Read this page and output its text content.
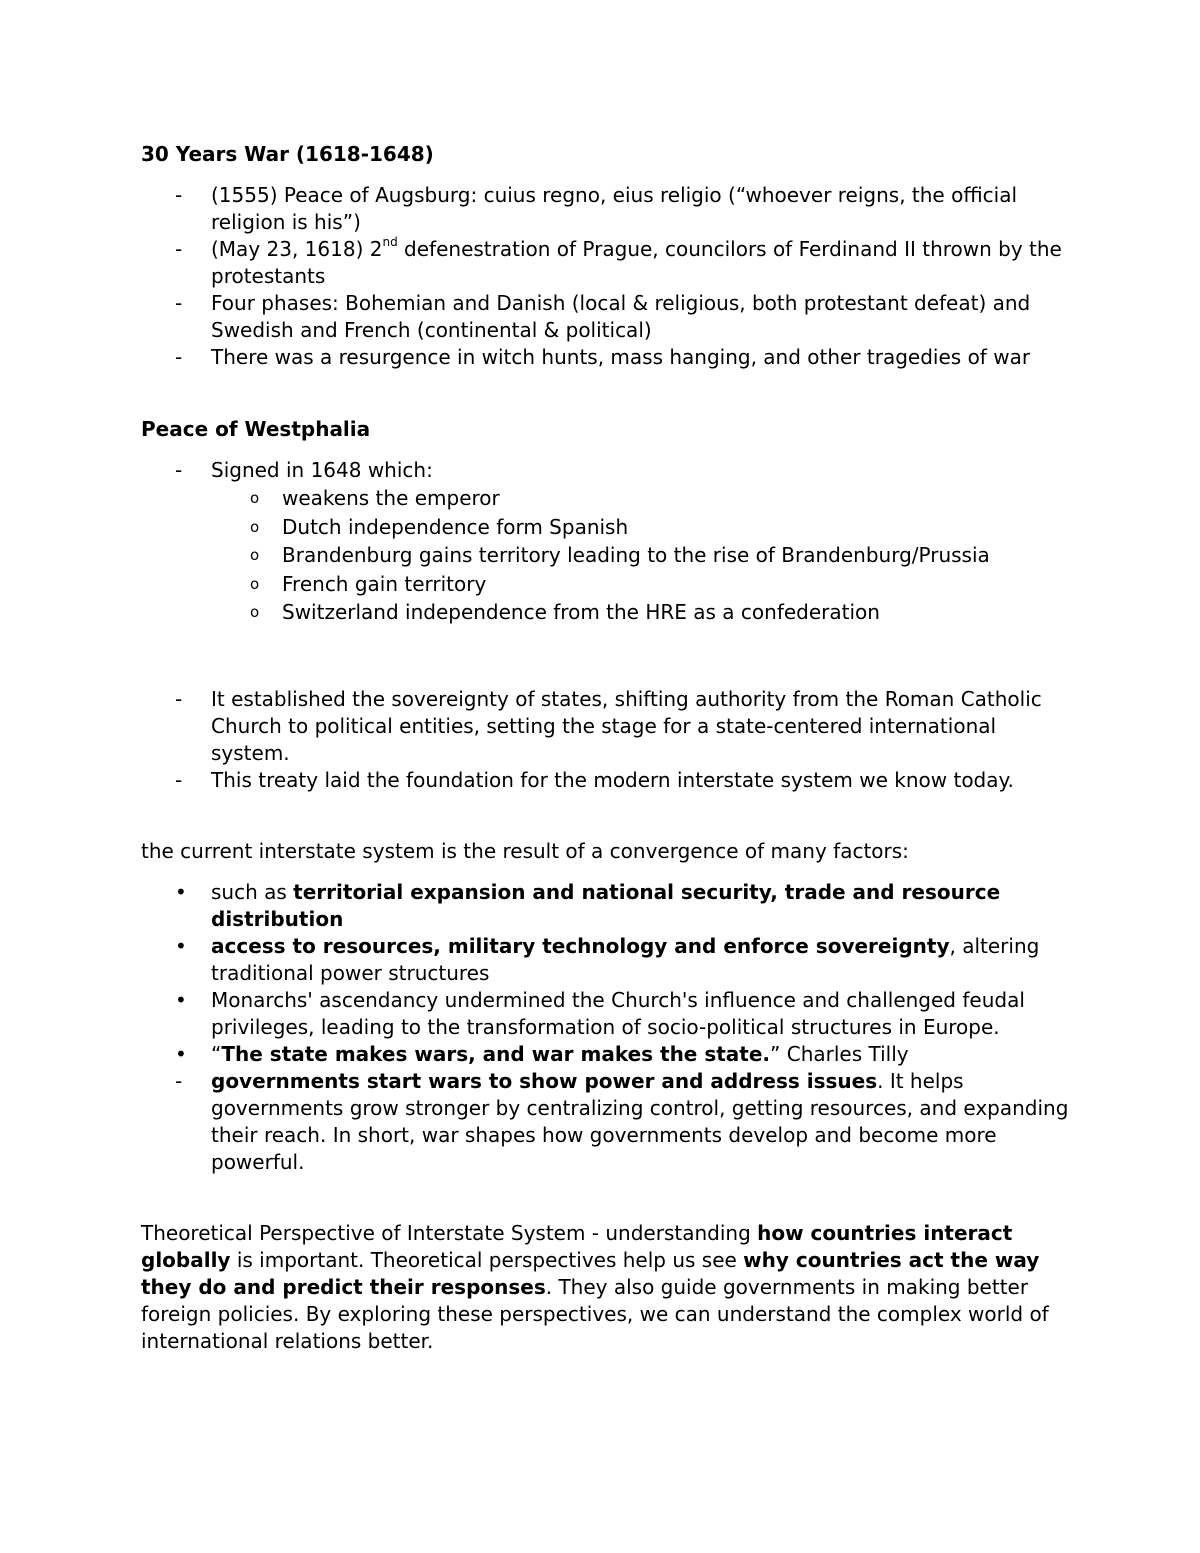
30 Years War (1618-1648)
- (1555) Peace of Augsburg: cuius regno, eius religio (“whoever reigns, the official religion is his”)
- (May 23, 1618) 2nd defenestration of Prague, councilors of Ferdinand II thrown by the protestants
- Four phases: Bohemian and Danish (local & religious, both protestant defeat) and Swedish and French (continental & political)
- There was a resurgence in witch hunts, mass hanging, and other tragedies of war
Peace of Westphalia
- Signed in 1648 which:
o weakens the emperor
o Dutch independence form Spanish
o Brandenburg gains territory leading to the rise of Brandenburg/Prussia
o French gain territory
o Switzerland independence from the HRE as a confederation
- It established the sovereignty of states, shifting authority from the Roman Catholic Church to political entities, setting the stage for a state-centered international system.
- This treaty laid the foundation for the modern interstate system we know today.
the current interstate system is the result of a convergence of many factors:
• such as territorial expansion and national security, trade and resource distribution
• access to resources, military technology and enforce sovereignty, altering traditional power structures
• Monarchs' ascendancy undermined the Church's influence and challenged feudal privileges, leading to the transformation of socio-political structures in Europe.
• “The state makes wars, and war makes the state.” Charles Tilly
- governments start wars to show power and address issues. It helps governments grow stronger by centralizing control, getting resources, and expanding their reach. In short, war shapes how governments develop and become more powerful.
Theoretical Perspective of Interstate System - understanding how countries interact globally is important. Theoretical perspectives help us see why countries act the way they do and predict their responses. They also guide governments in making better foreign policies. By exploring these perspectives, we can understand the complex world of international relations better.
